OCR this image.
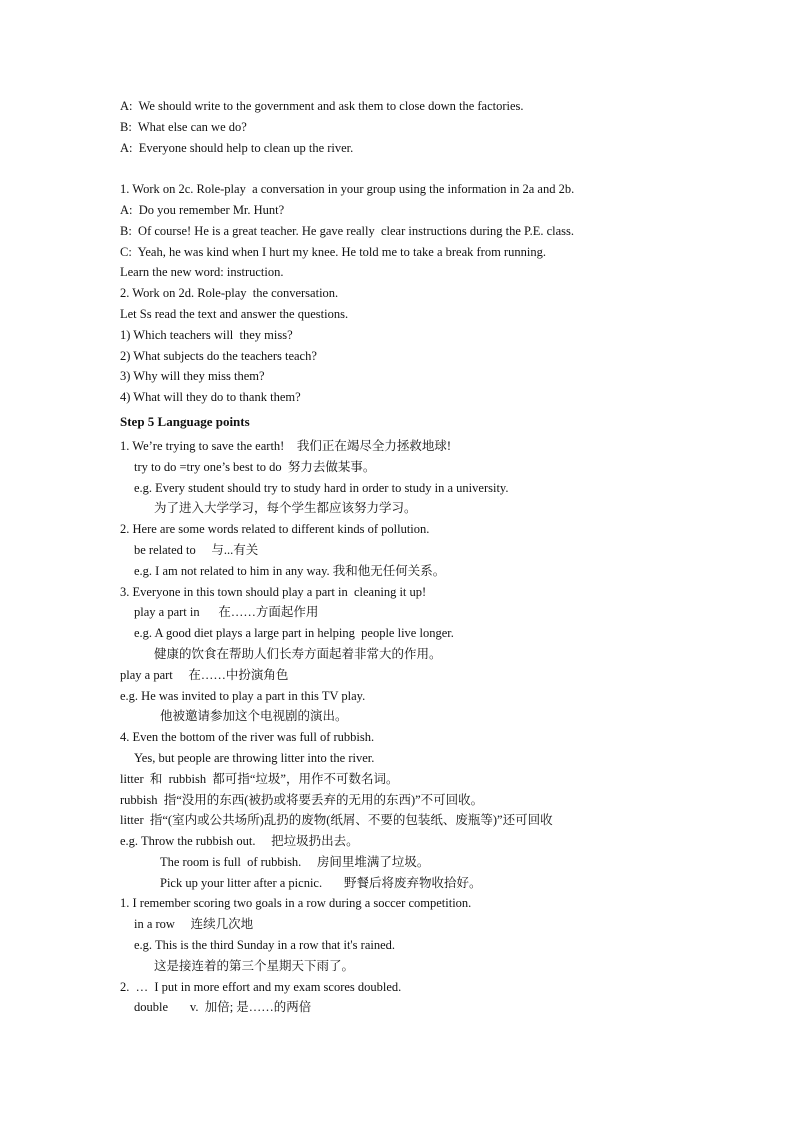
A:  We should write to the government and ask them to close down the factories.
B:  What else can we do?
A:  Everyone should help to clean up the river.
1. Work on 2c. Role-play  a conversation in your group using the information in 2a and 2b.
A:  Do you remember Mr. Hunt?
B:  Of course! He is a great teacher. He gave really  clear instructions during the P.E. class.
C:  Yeah, he was kind when I hurt my knee. He told me to take a break from running.
Learn the new word: instruction.
2. Work on 2d. Role-play  the conversation.
Let Ss read the text and answer the questions.
1) Which teachers will  they miss?
2) What subjects do the teachers teach?
3) Why will they miss them?
4) What will they do to thank them?
Step 5 Language points
1. We’re trying to save the earth!    我们正在竭尽全力拯救地球!
try to do =try one’s best to do  努力去做某事。
e.g. Every student should try to study hard in order to study in a university.
为了进入大学学习，每个学生都应该努力学习。
2. Here are some words related to different kinds of pollution.
be related to     与...有关
e.g. I am not related to him in any way. 我和他无任何关系。
3. Everyone in this town should play a part in  cleaning it up!
play a part in      在……方面起作用
e.g. A good diet plays a large part in helping  people live longer.
健康的饮食在帮助人们长寿方面起着非常大的作用。
play a part     在……中扮演角色
e.g. He was invited to play a part in this TV play.
他被邀请参加这个电视剧的演出。
4. Even the bottom of the river was full of rubbish.
Yes, but people are throwing litter into the river.
litter  和  rubbish  都可指“垃圾”，用作不可数名词。
rubbish  指“没用的东西(被扔或将要丢弃的无用的东西)”不可回收。
litter  指“(室内或公共场所)乱扔的废物(纸屑、不要的包装纸、废瓶等)”还可回收
e.g. Throw the rubbish out.     把垃圾扔出去。
The room is full  of rubbish.     房间里堆满了垃圾。
Pick up your litter after a picnic.       野餐后将废弃物收拾好。
1. I remember scoring two goals in a row during a soccer competition.
in a row     连续几次地
e.g. This is the third Sunday in a row that it's rained.
这是接连着的第三个星期天下雨了。
2.  …  I put in more effort and my exam scores doubled.
double       v.  加倍; 是……的两倍
